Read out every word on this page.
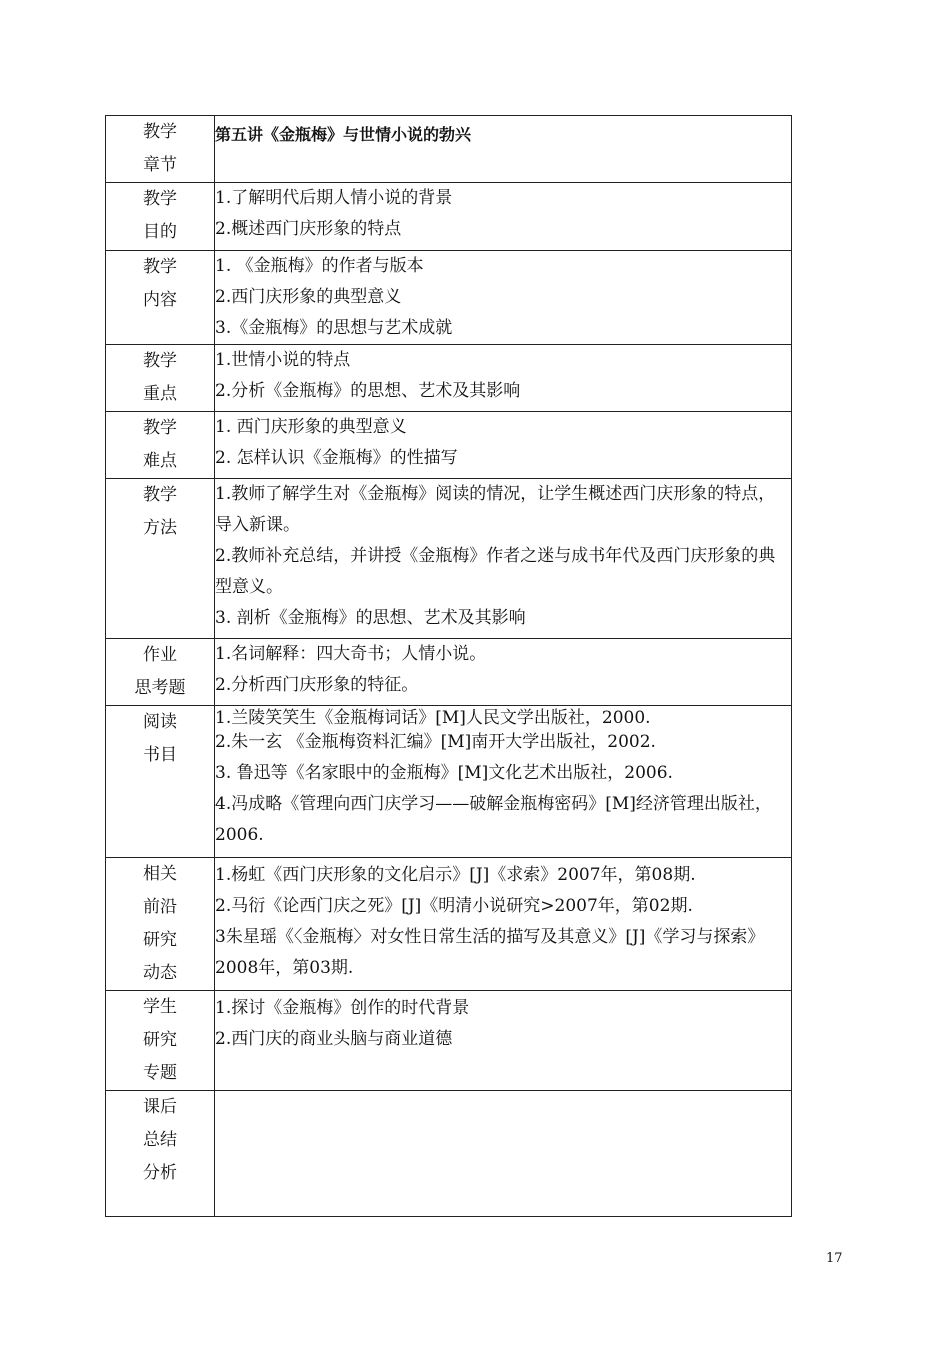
教学
章节	第五讲《金瓶梅》与世情小说的勃兴

教学
目的	1.了解明代后期人情小说的背景
2.概述西门庆形象的特点

教学
内容	1. 《金瓶梅》的作者与版本
2.西门庆形象的典型意义
3.《金瓶梅》的思想与艺术成就

教学
重点	1.世情小说的特点
2.分析《金瓶梅》的思想、艺术及其影响

教学
难点	1. 西门庆形象的典型意义
2. 怎样认识《金瓶梅》的性描写

教学
方法	1.教师了解学生对《金瓶梅》阅读的情况，让学生概述西门庆形象的特点，导入新课。
2.教师补充总结，并讲授《金瓶梅》作者之迷与成书年代及西门庆形象的典型意义。
3. 剖析《金瓶梅》的思想、艺术及其影响

作业
思考题	1.名词解释：四大奇书；人情小说。
2.分析西门庆形象的特征。

阅读
书目	1.兰陵笑笑生《金瓶梅词话》[M]人民文学出版社，2000.
2.朱一玄 《金瓶梅资料汇编》[M]南开大学出版社，2002.
3. 鲁迅等《名家眼中的金瓶梅》[M]文化艺术出版社，2006.
4.冯成略《管理向西门庆学习——破解金瓶梅密码》[M]经济管理出版社，2006.

相关
前沿
研究
动态	1.杨虹《西门庆形象的文化启示》[J]《求索》2007年，第08期.
2.马衍《论西门庆之死》[J]《明清小说研究>2007年，第02期.
3朱星瑶《〈金瓶梅〉对女性日常生活的描写及其意义》[J]《学习与探索》2008年，第03期.

学生
研究
专题	1.探讨《金瓶梅》创作的时代背景
2.西门庆的商业头脑与商业道德

课后
总结
分析	

17
